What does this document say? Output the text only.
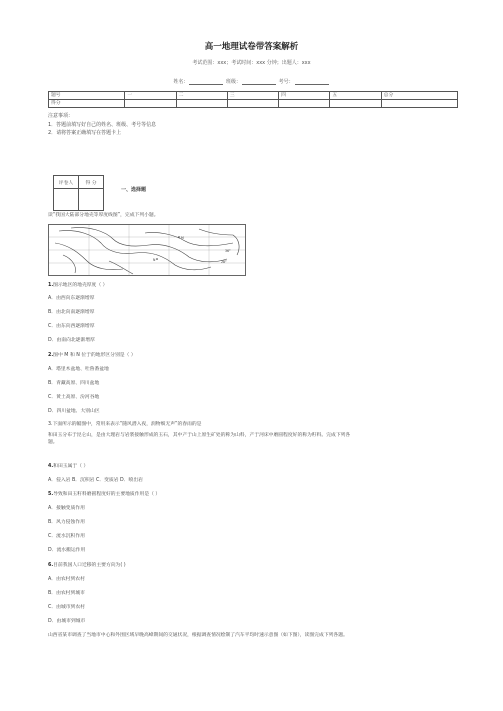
高一地理试卷带答案解析
考试范围：xxx；考试时间：xxx 分钟；出题人：xxx
姓名：	班级：	考号：
题号	一	二	三	四	五	总分
得分						
注意事项：
1．答题前填写好自己的姓名、班级、考号等信息
2．请将答案正确填写在答题卡上
评卷人	得 分

一、选择题
读“我国大陆部分地壳等厚度线图”，完成下列小题。
M
N
36°
28°
1.图示地区的地壳厚度（ ）
A．由西向东逐渐增厚
B．由北向南逐渐增厚
C．由东向西逐渐增厚
D．由南向北逐渐增厚
2.图中 M 和 N 位于的地形区分别是（ ）
A．塔里木盆地、吐鲁番盆地
B．青藏高原、四川盆地
C．黄土高原、汾河谷地
D．四川盆地、大别山区
3.下面所示的幅图中，常用来表示“随风潜入夜，润物细无声”的春雨的是
和田玉分布于昆仑山，是由大理岩与岩浆接触形成的玉石，其中产于山上原生矿处的称为山料，产于河床中磨圆程度好的称为籽料。完成下列各
题。
4.和田玉属于（ ）
A．侵入岩 B．沉积岩 C．变质岩 D．喷出岩
5.导致和田玉籽料磨圆程度好的主要地质作用是（ ）
A．接触变质作用
B．风力侵蚀作用
C．流水沉积作用
D．流水搬运作用
6.目前我国人口迁移的主要方向为( )
A．由农村到农村
B．由农村到城市
C．由城市到农村
D．由城市到城市
山西省某市调查了当地市中心和外围区域早晚高峰期间的交通状况，根据调查情况绘制了汽车平均时速示意图（如下图），读图完成下列各题。
